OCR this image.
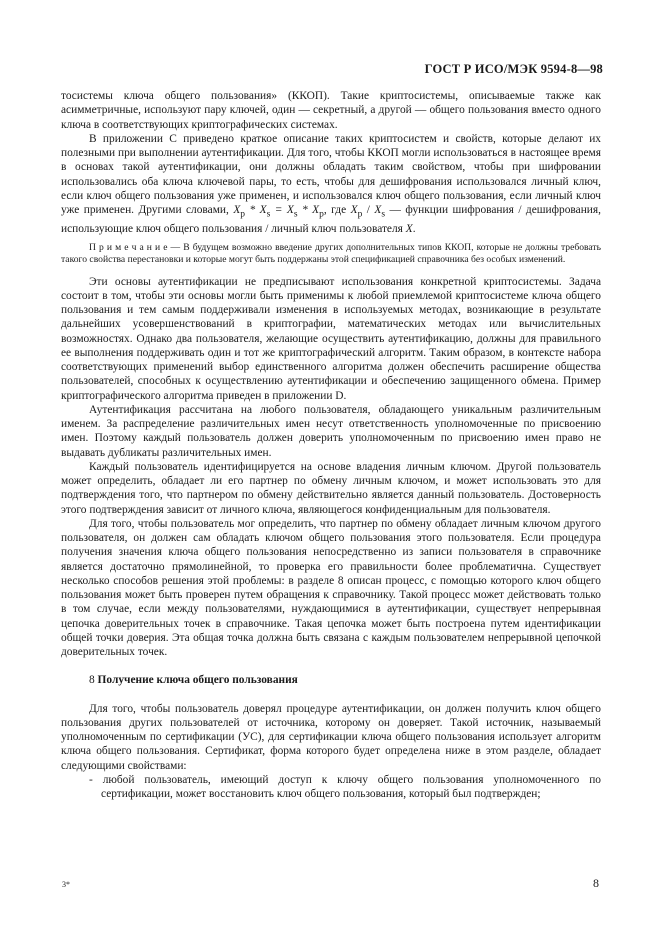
ГОСТ Р ИСО/МЭК 9594-8—98

тосистемы ключа общего пользования» (ККОП). Такие криптосистемы, описываемые также как асимметричные, используют пару ключей, один — секретный, а другой — общего пользования вместо одного ключа в соответствующих криптографических системах.

В приложении С приведено краткое описание таких криптосистем и свойств, которые делают их полезными при выполнении аутентификации. Для того, чтобы ККОП могли использоваться в настоящее время в основах такой аутентификации, они должны обладать таким свойством, чтобы при шифровании использовались оба ключа ключевой пары, то есть, чтобы для дешифрования использовался личный ключ, если ключ общего пользования уже применен, и использовался ключ общего пользования, если личный ключ уже применен. Другими словами, $X_p * X_s = X_s * X_p$, где $X_p / X_s$ — функции шифрования / дешифрования, использующие ключ общего пользования / личный ключ пользователя X.

П р и м е ч а н и е — В будущем возможно введение других дополнительных типов ККОП, которые не должны требовать такого свойства перестановки и которые могут быть поддержаны этой спецификацией справочника без особых изменений.

Эти основы аутентификации не предписывают использования конкретной криптосистемы. Задача состоит в том, чтобы эти основы могли быть применимы к любой приемлемой криптосистеме ключа общего пользования и тем самым поддерживали изменения в используемых методах, возникающие в результате дальнейших усовершенствований в криптографии, математических методах или вычислительных возможностях. Однако два пользователя, желающие осуществить аутентификацию, должны для правильного ее выполнения поддерживать один и тот же криптографический алгоритм. Таким образом, в контексте набора соответствующих применений выбор единственного алгоритма должен обеспечить расширение общества пользователей, способных к осуществлению аутентификации и обеспечению защищенного обмена. Пример криптографического алгоритма приведен в приложении D.

Аутентификация рассчитана на любого пользователя, обладающего уникальным различительным именем. За распределение различительных имен несут ответственность уполномоченные по присвоению имен. Поэтому каждый пользователь должен доверить уполномоченным по присвоению имен право не выдавать дубликаты различительных имен.

Каждый пользователь идентифицируется на основе владения личным ключом. Другой пользователь может определить, обладает ли его партнер по обмену личным ключом, и может использовать это для подтверждения того, что партнером по обмену действительно является данный пользователь. Достоверность этого подтверждения зависит от личного ключа, являющегося конфиденциальным для пользователя.

Для того, чтобы пользователь мог определить, что партнер по обмену обладает личным ключом другого пользователя, он должен сам обладать ключом общего пользования этого пользователя. Если процедура получения значения ключа общего пользования непосредственно из записи пользователя в справочнике является достаточно прямолинейной, то проверка его правильности более проблематична. Существует несколько способов решения этой проблемы: в разделе 8 описан процесс, с помощью которого ключ общего пользования может быть проверен путем обращения к справочнику. Такой процесс может действовать только в том случае, если между пользователями, нуждающимися в аутентификации, существует непрерывная цепочка доверительных точек в справочнике. Такая цепочка может быть построена путем идентификации общей точки доверия. Эта общая точка должна быть связана с каждым пользователем непрерывной цепочкой доверительных точек.

8 Получение ключа общего пользования

Для того, чтобы пользователь доверял процедуре аутентификации, он должен получить ключ общего пользования других пользователей от источника, которому он доверяет. Такой источник, называемый уполномоченным по сертификации (УС), для сертификации ключа общего пользования использует алгоритм ключа общего пользования. Сертификат, форма которого будет определена ниже в этом разделе, обладает следующими свойствами:

- любой пользователь, имеющий доступ к ключу общего пользования уполномоченного по сертификации, может восстановить ключ общего пользования, который был подтвержден;
3*	8
